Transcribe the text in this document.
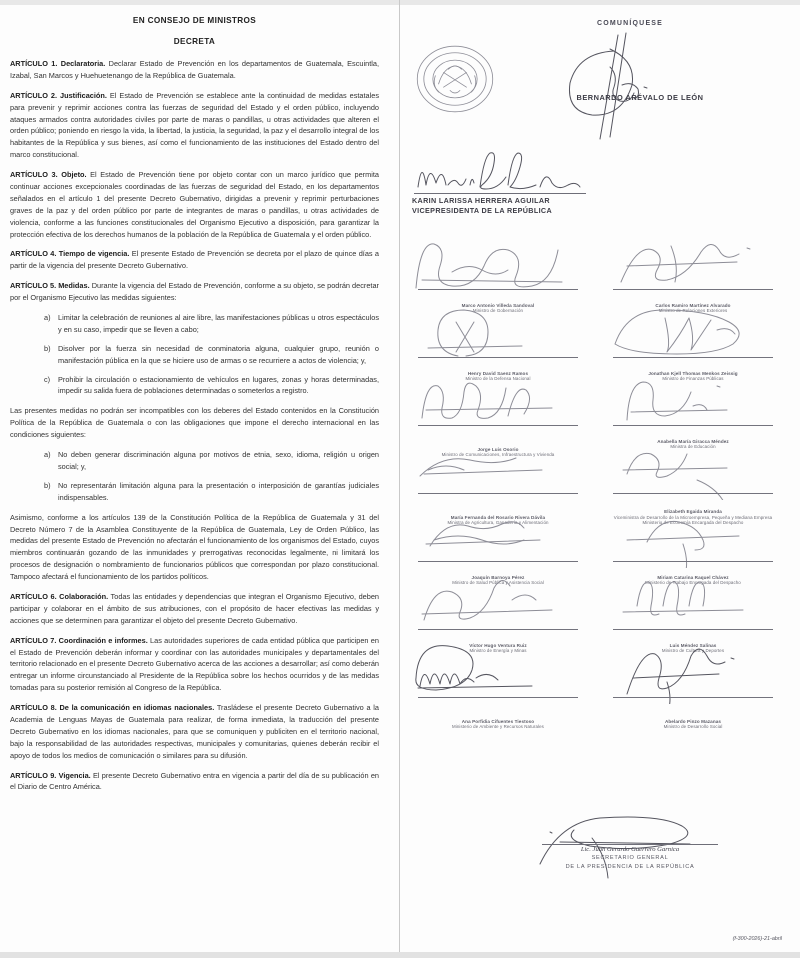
EN CONSEJO DE MINISTROS
DECRETA

ARTÍCULO 1. Declaratoria. Declarar Estado de Prevención en los departamentos de Guatemala, Escuintla, Izabal, San Marcos y Huehuetenango de la República de Guatemala.

ARTÍCULO 2. Justificación. El Estado de Prevención se establece ante la continuidad de medidas estatales para prevenir y reprimir acciones contra las fuerzas de seguridad del Estado y el orden público, incluyendo ataques armados contra autoridades civiles por parte de maras o pandillas, u otras actividades que alteren el orden público; poniendo en riesgo la vida, la libertad, la justicia, la seguridad, la paz y el desarrollo integral de los habitantes de la República y sus bienes, así como el funcionamiento de las instituciones del Estado dentro del marco constitucional.

ARTÍCULO 3. Objeto. El Estado de Prevención tiene por objeto contar con un marco jurídico que permita continuar acciones excepcionales coordinadas de las fuerzas de seguridad del Estado, en los departamentos señalados en el artículo 1 del presente Decreto Gubernativo, dirigidas a prevenir y reprimir perturbaciones graves de la paz y del orden público por parte de integrantes de maras o pandillas, u otras actividades de violencia, conforme a las funciones constitucionales del Organismo Ejecutivo a disposición, para garantizar la protección efectiva de los derechos humanos de la población de la República de Guatemala y el orden público.

ARTÍCULO 4. Tiempo de vigencia. El presente Estado de Prevención se decreta por el plazo de quince días a partir de la vigencia del presente Decreto Gubernativo.

ARTÍCULO 5. Medidas. Durante la vigencia del Estado de Prevención, conforme a su objeto, se podrán decretar por el Organismo Ejecutivo las medidas siguientes:

a)	Limitar la celebración de reuniones al aire libre, las manifestaciones públicas u otros espectáculos y en su caso, impedir que se lleven a cabo;
b)	Disolver por la fuerza sin necesidad de conminatoria alguna, cualquier grupo, reunión o manifestación pública en la que se hiciere uso de armas o se recurriere a actos de violencia; y,
c)	Prohibir la circulación o estacionamiento de vehículos en lugares, zonas y horas determinadas, impedir su salida fuera de poblaciones determinadas o someterlos a registro.

Las presentes medidas no podrán ser incompatibles con los deberes del Estado contenidos en la Constitución Política de la República de Guatemala o con las obligaciones que impone el derecho internacional en las condiciones siguientes:

a)	No deben generar discriminación alguna por motivos de etnia, sexo, idioma, religión u origen social; y,
b)	No representarán limitación alguna para la presentación o interposición de garantías judiciales indispensables.

Asimismo, conforme a los artículos 139 de la Constitución Política de la República de Guatemala y 31 del Decreto Número 7 de la Asamblea Constituyente de la República de Guatemala, Ley de Orden Público, las medidas del presente Estado de Prevención no afectarán el funcionamiento de los organismos del Estado, cuyos miembros continuarán gozando de las inmunidades y prerrogativas reconocidas legalmente, ni limitará los procesos de designación o nombramiento de funcionarios públicos que correspondan por plazo constitucional. Tampoco afectará el funcionamiento de los partidos políticos.

ARTÍCULO 6. Colaboración. Todas las entidades y dependencias que integran el Organismo Ejecutivo, deben participar y colaborar en el ámbito de sus atribuciones, con el propósito de hacer efectivas las medidas y acciones que se determinen para garantizar el objeto del presente Decreto Gubernativo.

ARTÍCULO 7. Coordinación e informes. Las autoridades superiores de cada entidad pública que participen en el Estado de Prevención deberán informar y coordinar con las autoridades municipales y departamentales del territorio relacionado en el presente Decreto Gubernativo acerca de las acciones a desarrollar; así como deberán entregar un informe circunstanciado al Presidente de la República sobre los hechos ocurridos y de las medidas tomadas para su posterior remisión al Congreso de la República.

ARTÍCULO 8. De la comunicación en idiomas nacionales. Trasládese el presente Decreto Gubernativo a la Academia de Lenguas Mayas de Guatemala para realizar, de forma inmediata, la traducción del presente Decreto Gubernativo en los idiomas nacionales, para que se comuniquen y publiciten en el territorio nacional, bajo la responsabilidad de las autoridades respectivas, municipales y comunitarias, quienes deberán recibir el apoyo de todos los medios de comunicación o similares para su difusión.

ARTÍCULO 9. Vigencia. El presente Decreto Gubernativo entra en vigencia a partir del día de su publicación en el Diario de Centro América.

COMUNÍQUESE
BERNARDO ARÉVALO DE LEÓN
KARIN LARISSA HERRERA AGUILAR
VICEPRESIDENTA DE LA REPÚBLICA
Marco Antonio Villeda Sandoval
Ministro de Gobernación
Carlos Ramiro Martínez Alvarado
Ministro de Relaciones Exteriores
Henry David Saenz Ramos
Ministro de la Defensa Nacional
Jonathan Kjell Thomas Menkos Zeissig
Ministro de Finanzas Públicas
Jorge Luis Osorio
Ministro de Comunicaciones, Infraestructura y Vivienda
Anabella María Giracca Méndez
Ministra de Educación
María Fernanda del Rosario Rivera Dávila
Ministra de Agricultura, Ganadería y Alimentación
Elizabeth Egaida Miranda
Viceministra de Desarrollo de la Microempresa, Pequeña y Mediana Empresa Ministerio de Economía Encargada del Despacho
Joaquín Barnoya Pérez
Ministro de Salud Pública y Asistencia Social
Miriam Catarina Raquel Chávez
Ministerio de Trabajo Encargada del Despacho
Víctor Hugo Ventura Ruiz
Ministro de Energía y Minas
Luis Méndez Salinas
Ministro de Cultura y Deportes
Ana Porfidia Cifuentes Tiestoso
Ministerio de Ambiente y Recursos Naturales
Abelardo Pinzo Mazanas
Ministro de Desarrollo Social
Lic. Juan Gerardo Guerrero Garnica
SECRETARIO GENERAL
DE LA PRESIDENCIA DE LA REPÚBLICA
(f-300-2026)-21-abril
